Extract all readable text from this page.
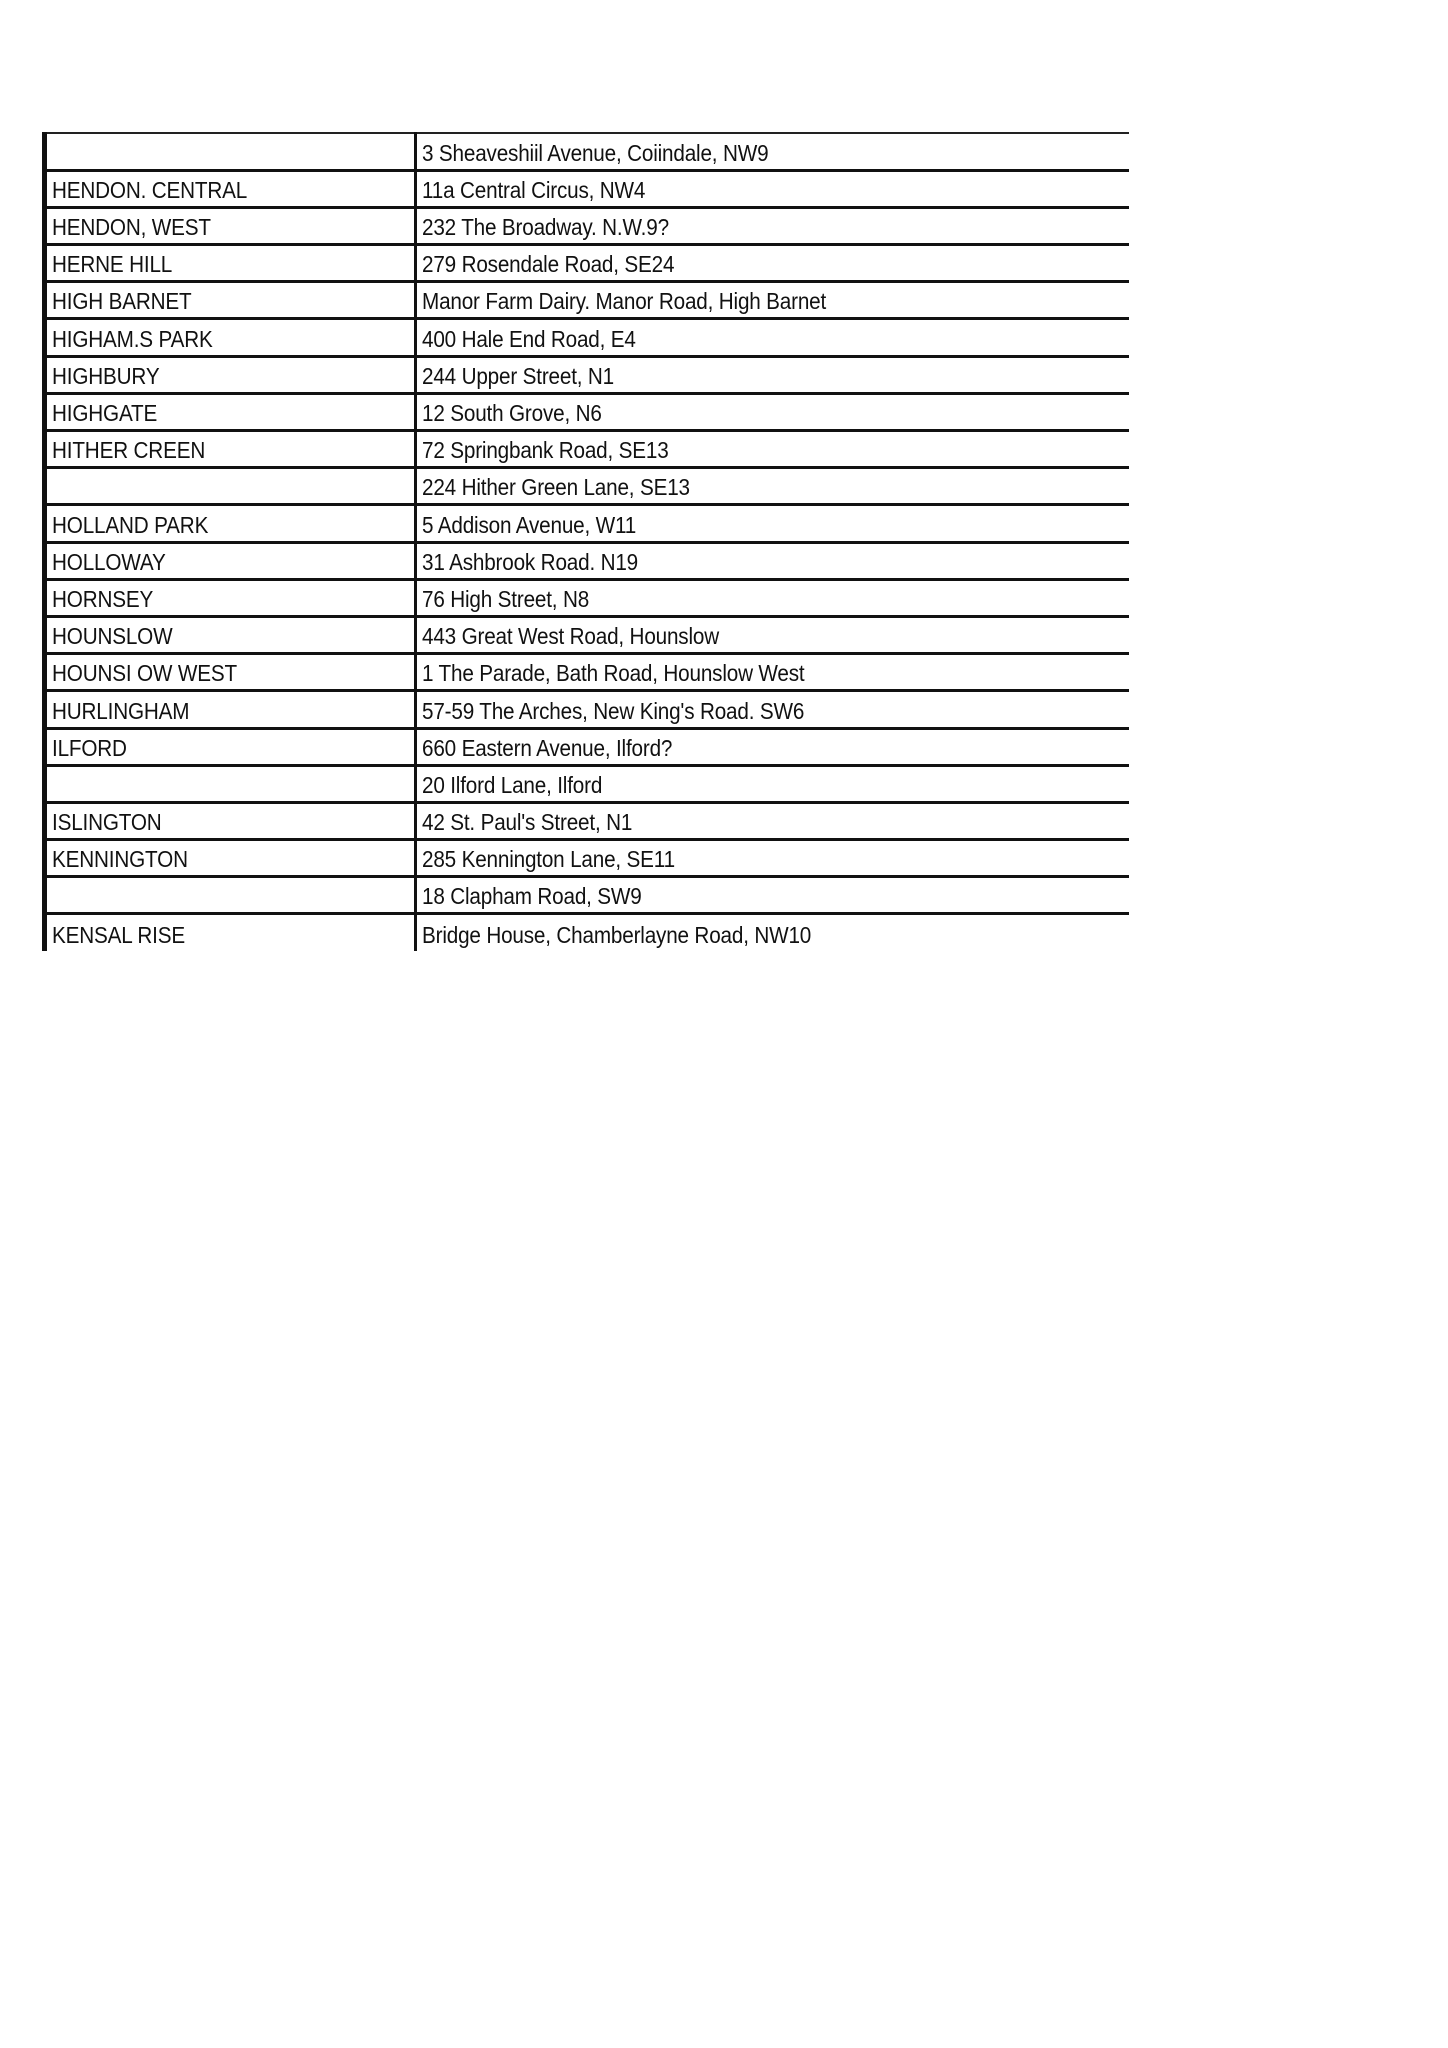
	3 Sheaveshiil Avenue, Coiindale, NW9
HENDON. CENTRAL	11a Central Circus, NW4
HENDON, WEST	232 The Broadway. N.W.9?
HERNE HILL	279 Rosendale Road, SE24
HIGH BARNET	Manor Farm Dairy. Manor Road, High Barnet
HIGHAM.S PARK	400 Hale End Road, E4
HIGHBURY	244 Upper Street, N1
HIGHGATE	12 South Grove, N6
HITHER CREEN	72 Springbank Road, SE13
	224 Hither Green Lane, SE13
HOLLAND PARK	5 Addison Avenue, W11
HOLLOWAY	31 Ashbrook Road. N19
HORNSEY	76 High Street, N8
HOUNSLOW	443 Great West Road, Hounslow
HOUNSI OW WEST	1 The Parade, Bath Road, Hounslow West
HURLINGHAM	57-59 The Arches, New King's Road. SW6
ILFORD	660 Eastern Avenue, Ilford?
	20 Ilford Lane, Ilford
ISLINGTON	42 St. Paul's Street, N1
KENNINGTON	285 Kennington Lane, SE11
	18 Clapham Road, SW9
KENSAL RISE	Bridge House, Chamberlayne Road, NW10
